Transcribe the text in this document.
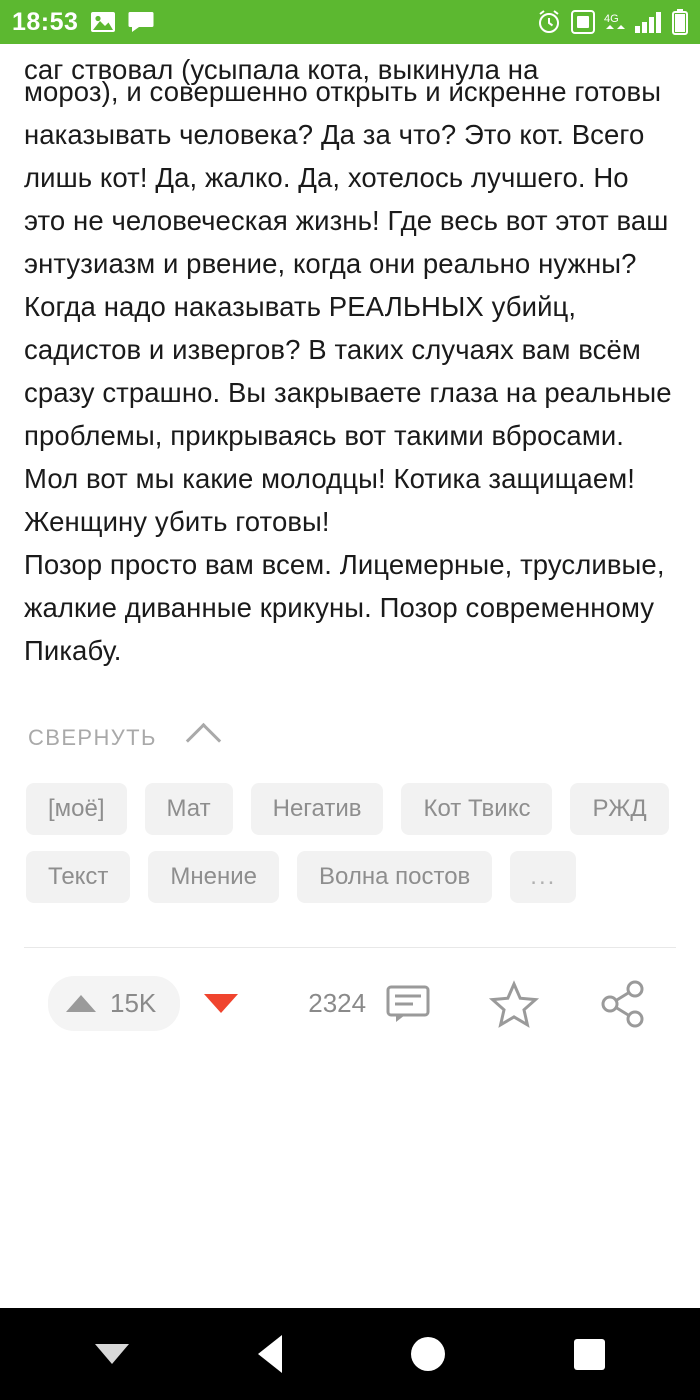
18:53	4G
саг ствовал (усыпала кота, выкинула на

мороз), и совершенно открыть и искренне готовы наказывать человека? Да за что? Это кот. Всего лишь кот! Да, жалко. Да, хотелось лучшего. Но это не человеческая жизнь! Где весь вот этот ваш энтузиазм и рвение, когда они реально нужны? Когда надо наказывать РЕАЛЬНЫХ убийц, садистов и извергов? В таких случаях вам всём сразу страшно. Вы закрываете глаза на реальные проблемы, прикрываясь вот такими вбросами. Мол вот мы какие молодцы! Котика защищаем! Женщину убить готовы!

Позор просто вам всем. Лицемерные, трусливые, жалкие диванные крикуны. Позор современному Пикабу.

СВЕРНУТЬ
[моё]	Мат	Негатив	Кот Твикс	РЖД
Текст	Мнение	Волна постов	...
15K	2324
